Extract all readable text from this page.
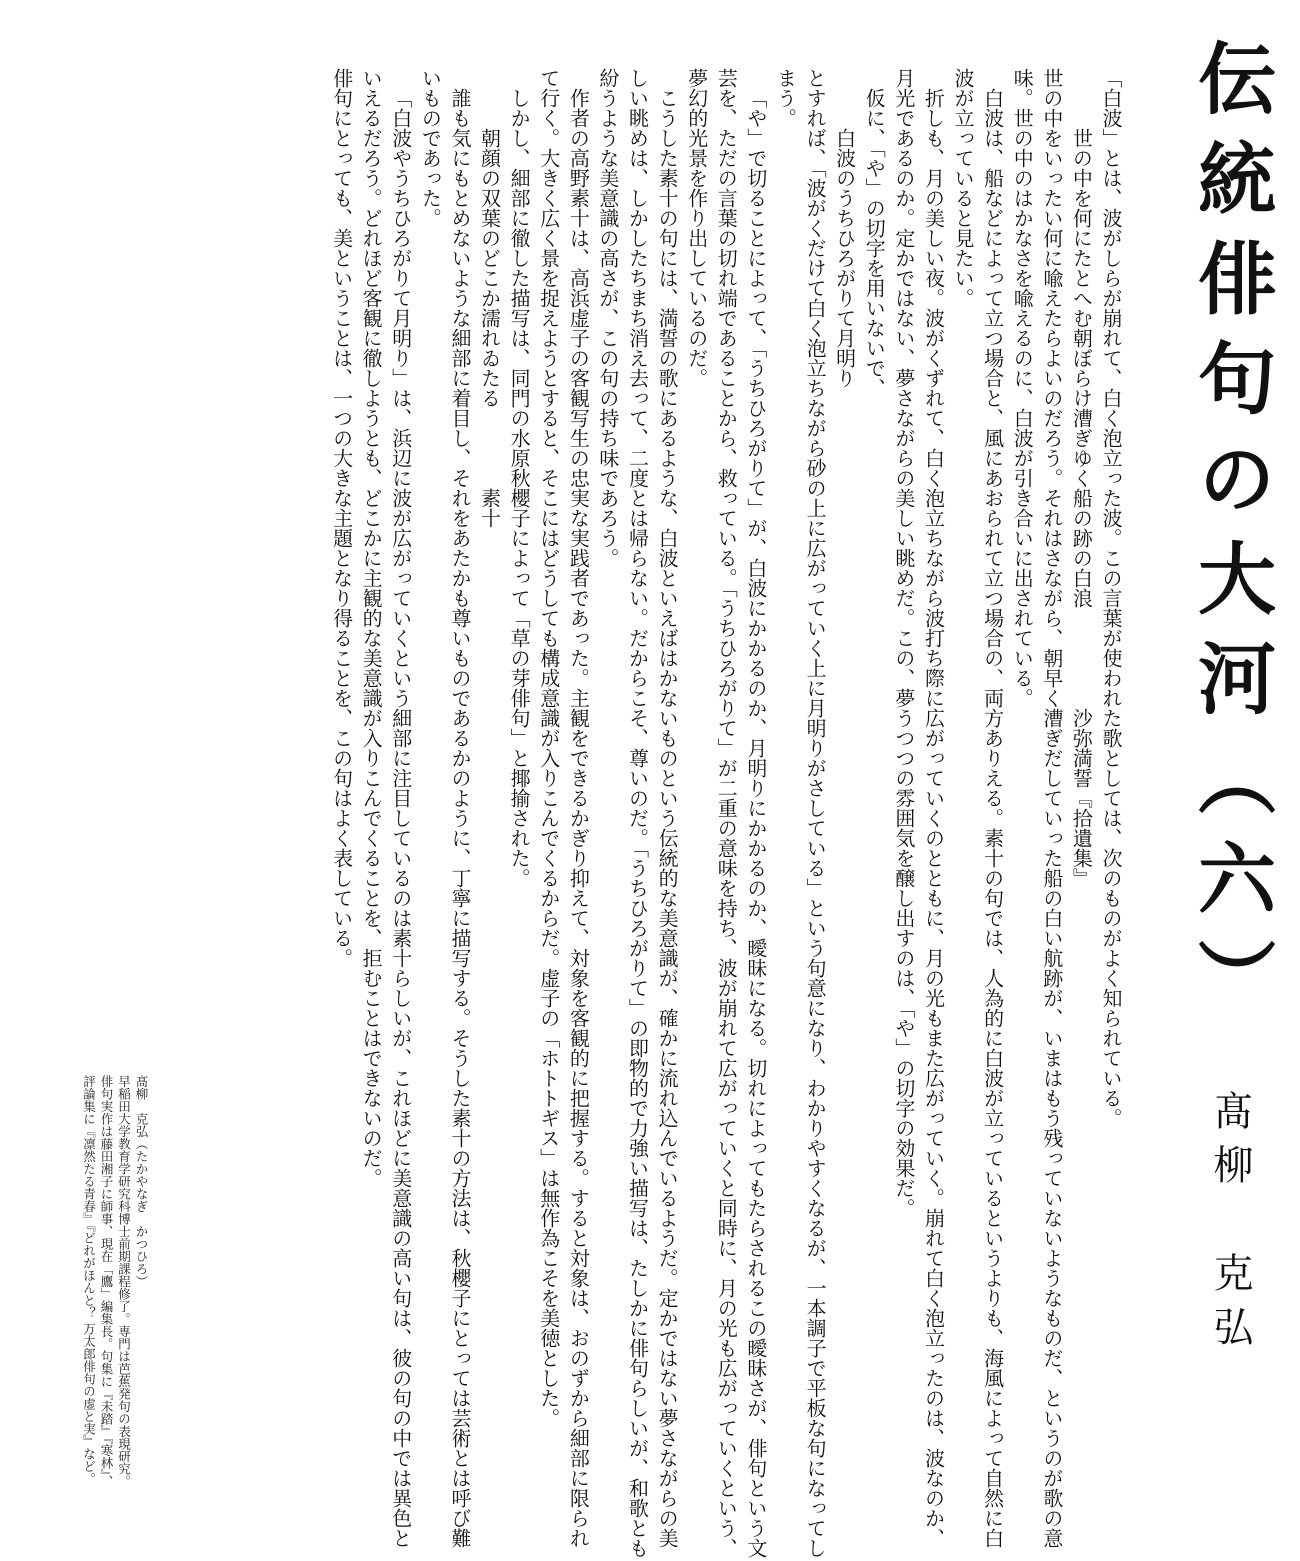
伝統俳句の大河（六）
髙柳　克弘

「白波」とは、波がしらが崩れて、白く泡立った波。この言葉が使われた歌としては、次のものがよく知られている。

世の中を何にたとへむ朝ぼらけ漕ぎゆく船の跡の白浪沙弥満誓『拾遺集』

世の中をいったい何に喩えたらよいのだろう。それはさながら、朝早く漕ぎだしていった船の白い航跡が、いまはもう残っていないようなものだ、というのが歌の意味。世の中のはかなさを喩えるのに、白波が引き合いに出されている。

白波は、船などによって立つ場合と、風にあおられて立つ場合の、両方ありえる。素十の句では、人為的に白波が立っているというよりも、海風によって自然に白波が立っていると見たい。

折しも、月の美しい夜。波がくずれて、白く泡立ちながら波打ち際に広がっていくのとともに、月の光もまた広がっていく。崩れて白く泡立ったのは、波なのか、月光であるのか。定かではない、夢さながらの美しい眺めだ。この、夢うつつの雰囲気を醸し出すのは、「や」の切字の効果だ。

仮に、「や」の切字を用いないで、

白波のうちひろがりて月明り

とすれば、「波がくだけて白く泡立ちながら砂の上に広がっていく上に月明りがさしている」という句意になり、わかりやすくなるが、一本調子で平板な句になってしまう。

「や」で切ることによって、「うちひろがりて」が、白波にかかるのか、月明りにかかるのか、曖昧になる。切れによってもたらされるこの曖昧さが、俳句という文芸を、ただの言葉の切れ端であることから、救っている。「うちひろがりて」が二重の意味を持ち、波が崩れて広がっていくと同時に、月の光も広がっていくという、夢幻的光景を作り出しているのだ。

こうした素十の句には、満誓の歌にあるような、白波といえばはかないものという伝統的な美意識が、確かに流れ込んでいるようだ。定かではない夢さながらの美しい眺めは、しかしたちまち消え去って、二度とは帰らない。だからこそ、尊いのだ。「うちひろがりて」の即物的で力強い描写は、たしかに俳句らしいが、和歌とも紛うような美意識の高さが、この句の持ち味であろう。

作者の高野素十は、高浜虚子の客観写生の忠実な実践者であった。主観をできるかぎり抑えて、対象を客観的に把握する。すると対象は、おのずから細部に限られて行く。大きく広く景を捉えようとすると、そこにはどうしても構成意識が入りこんでくるからだ。虚子の「ホトトギス」は無作為こそを美徳とした。

しかし、細部に徹した描写は、同門の水原秋櫻子によって「草の芽俳句」と揶揄された。

朝顔の双葉のどこか濡れゐたる素十

誰も気にもとめないような細部に着目し、それをあたかも尊いものであるかのように、丁寧に描写する。そうした素十の方法は、秋櫻子にとっては芸術とは呼び難いものであった。

「白波やうちひろがりて月明り」は、浜辺に波が広がっていくという細部に注目しているのは素十らしいが、これほどに美意識の高い句は、彼の句の中では異色といえるだろう。どれほど客観に徹しようとも、どこかに主観的な美意識が入りこんでくることを、拒むことはできないのだ。

俳句にとっても、美ということは、一つの大きな主題となり得ることを、この句はよく表している。

髙柳　克弘（たかやなぎ　かつひろ）

早稲田大学教育学研究科博士前期課程修了。専門は芭蕉発句の表現研究。

俳句実作は藤田湘子に師事、現在「鷹」編集長。句集に『未踏』『寒林』、

評論集に『凛然たる青春』『どれがほんと？ 万太郎俳句の虚と実』など。
